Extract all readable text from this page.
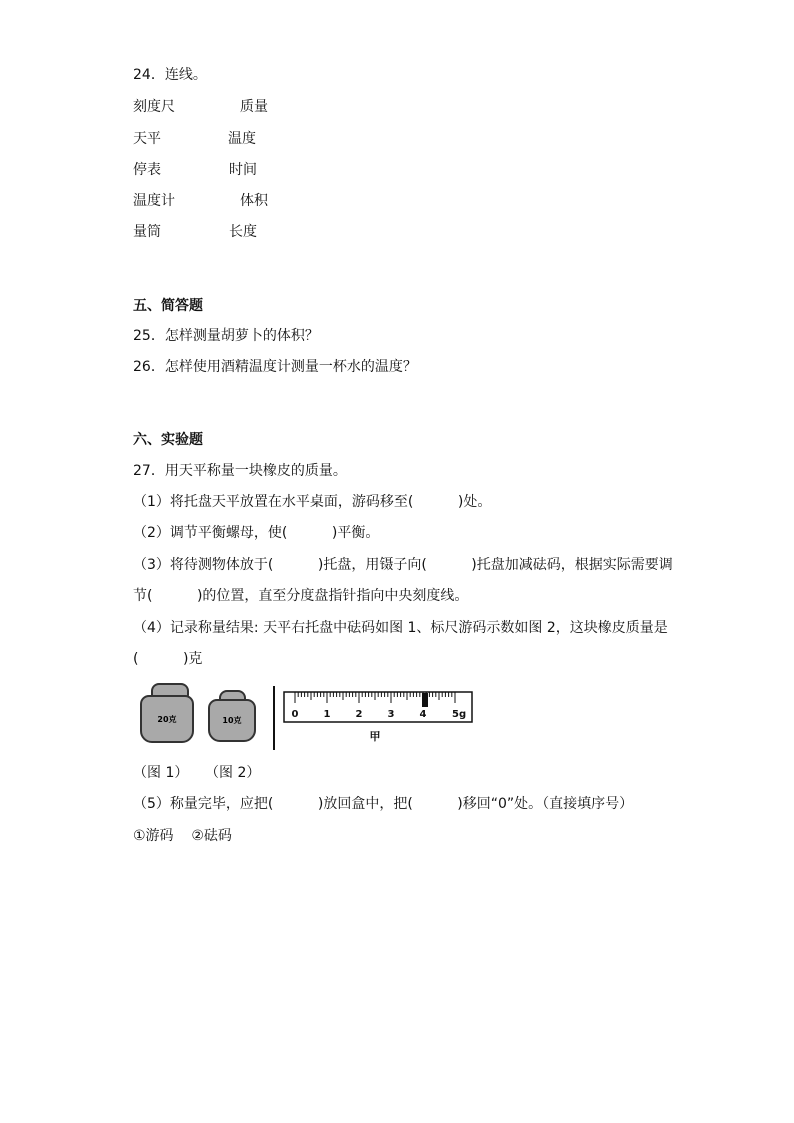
24．连线。
刻度尺	质量
天平	温度
停表	时间
温度计	体积
量筒	长度
五、简答题
25．怎样测量胡萝卜的体积？
26．怎样使用酒精温度计测量一杯水的温度？
六、实验题
27．用天平称量一块橡皮的质量。
（1）将托盘天平放置在水平桌面，游码移至(          )处。
（2）调节平衡螺母，使(          )平衡。
（3）将待测物体放于(          )托盘，用镊子向(          )托盘加减砝码，根据实际需要调
节(          )的位置，直至分度盘指针指向中央刻度线。
（4）记录称量结果: 天平右托盘中砝码如图 1、标尺游码示数如图 2，这块橡皮质量是
(          )克
20克	10克
0	1	2	3	4	5g
甲
（图 1） （图 2）
（5）称量完毕，应把(          )放回盒中，把(          )移回“0”处。（直接填序号）
①游码    ②砝码
